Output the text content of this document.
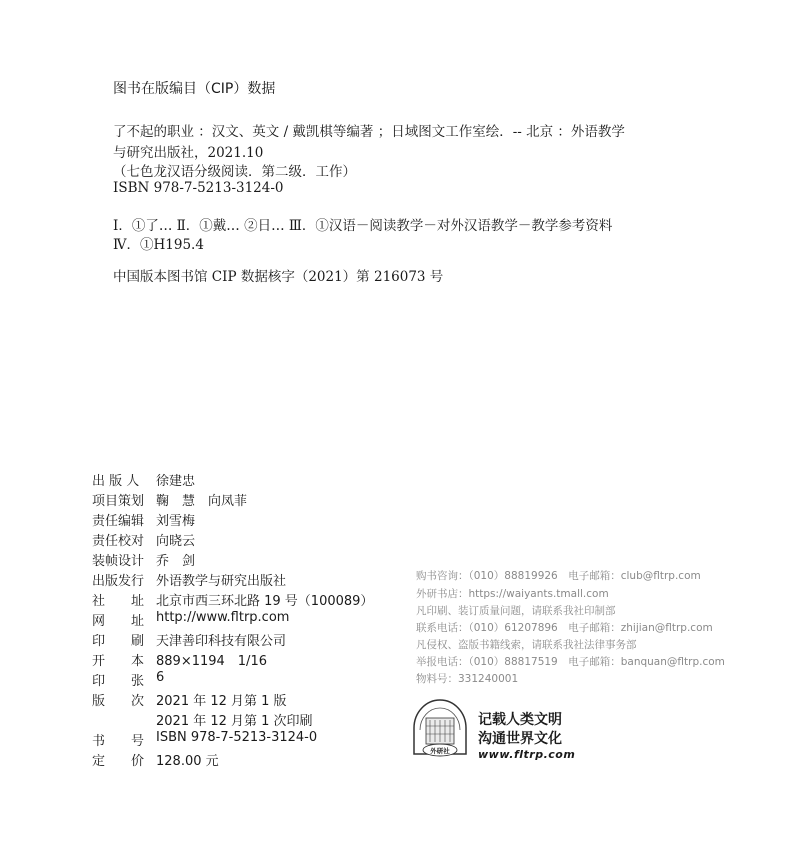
图书在版编目（CIP）数据
了不起的职业 ：汉文、英文 / 戴凯棋等编著 ；日域图文工作室绘．-- 北京 ：外语教学
与研究出版社，2021.10
（七色龙汉语分级阅读．第二级．工作）
ISBN 978-7-5213-3124-0
Ⅰ．①了… Ⅱ．①戴… ②日… Ⅲ．①汉语－阅读教学－对外汉语教学－教学参考资料
Ⅳ．①H195.4
中国版本图书馆 CIP 数据核字（2021）第 216073 号
出 版 人	徐建忠
项目策划 鞠　慧　向凤菲
责任编辑 刘雪梅
责任校对 向晓云
装帧设计 乔　剑
出版发行 外语教学与研究出版社
社　　址 北京市西三环北路 19 号（100089）
网　　址 http://www.fltrp.com
印　　刷 天津善印科技有限公司
开　　本 889×1194　1/16
印　　张 6
版　　次 2021 年 12 月第 1 版
2021 年 12 月第 1 次印刷
书　　号 ISBN 978-7-5213-3124-0
定　　价 128.00 元
购书咨询：（010）88819926　电子邮箱：club@fltrp.com
外研书店：https://waiyants.tmall.com
凡印刷、装订质量问题，请联系我社印制部
联系电话：（010）61207896　电子邮箱：zhijian@fltrp.com
凡侵权、盗版书籍线索，请联系我社法律事务部
举报电话：（010）88817519　电子邮箱：banquan@fltrp.com
物料号：331240001
外研社
记载人类文明
沟通世界文化
www.fltrp.com
